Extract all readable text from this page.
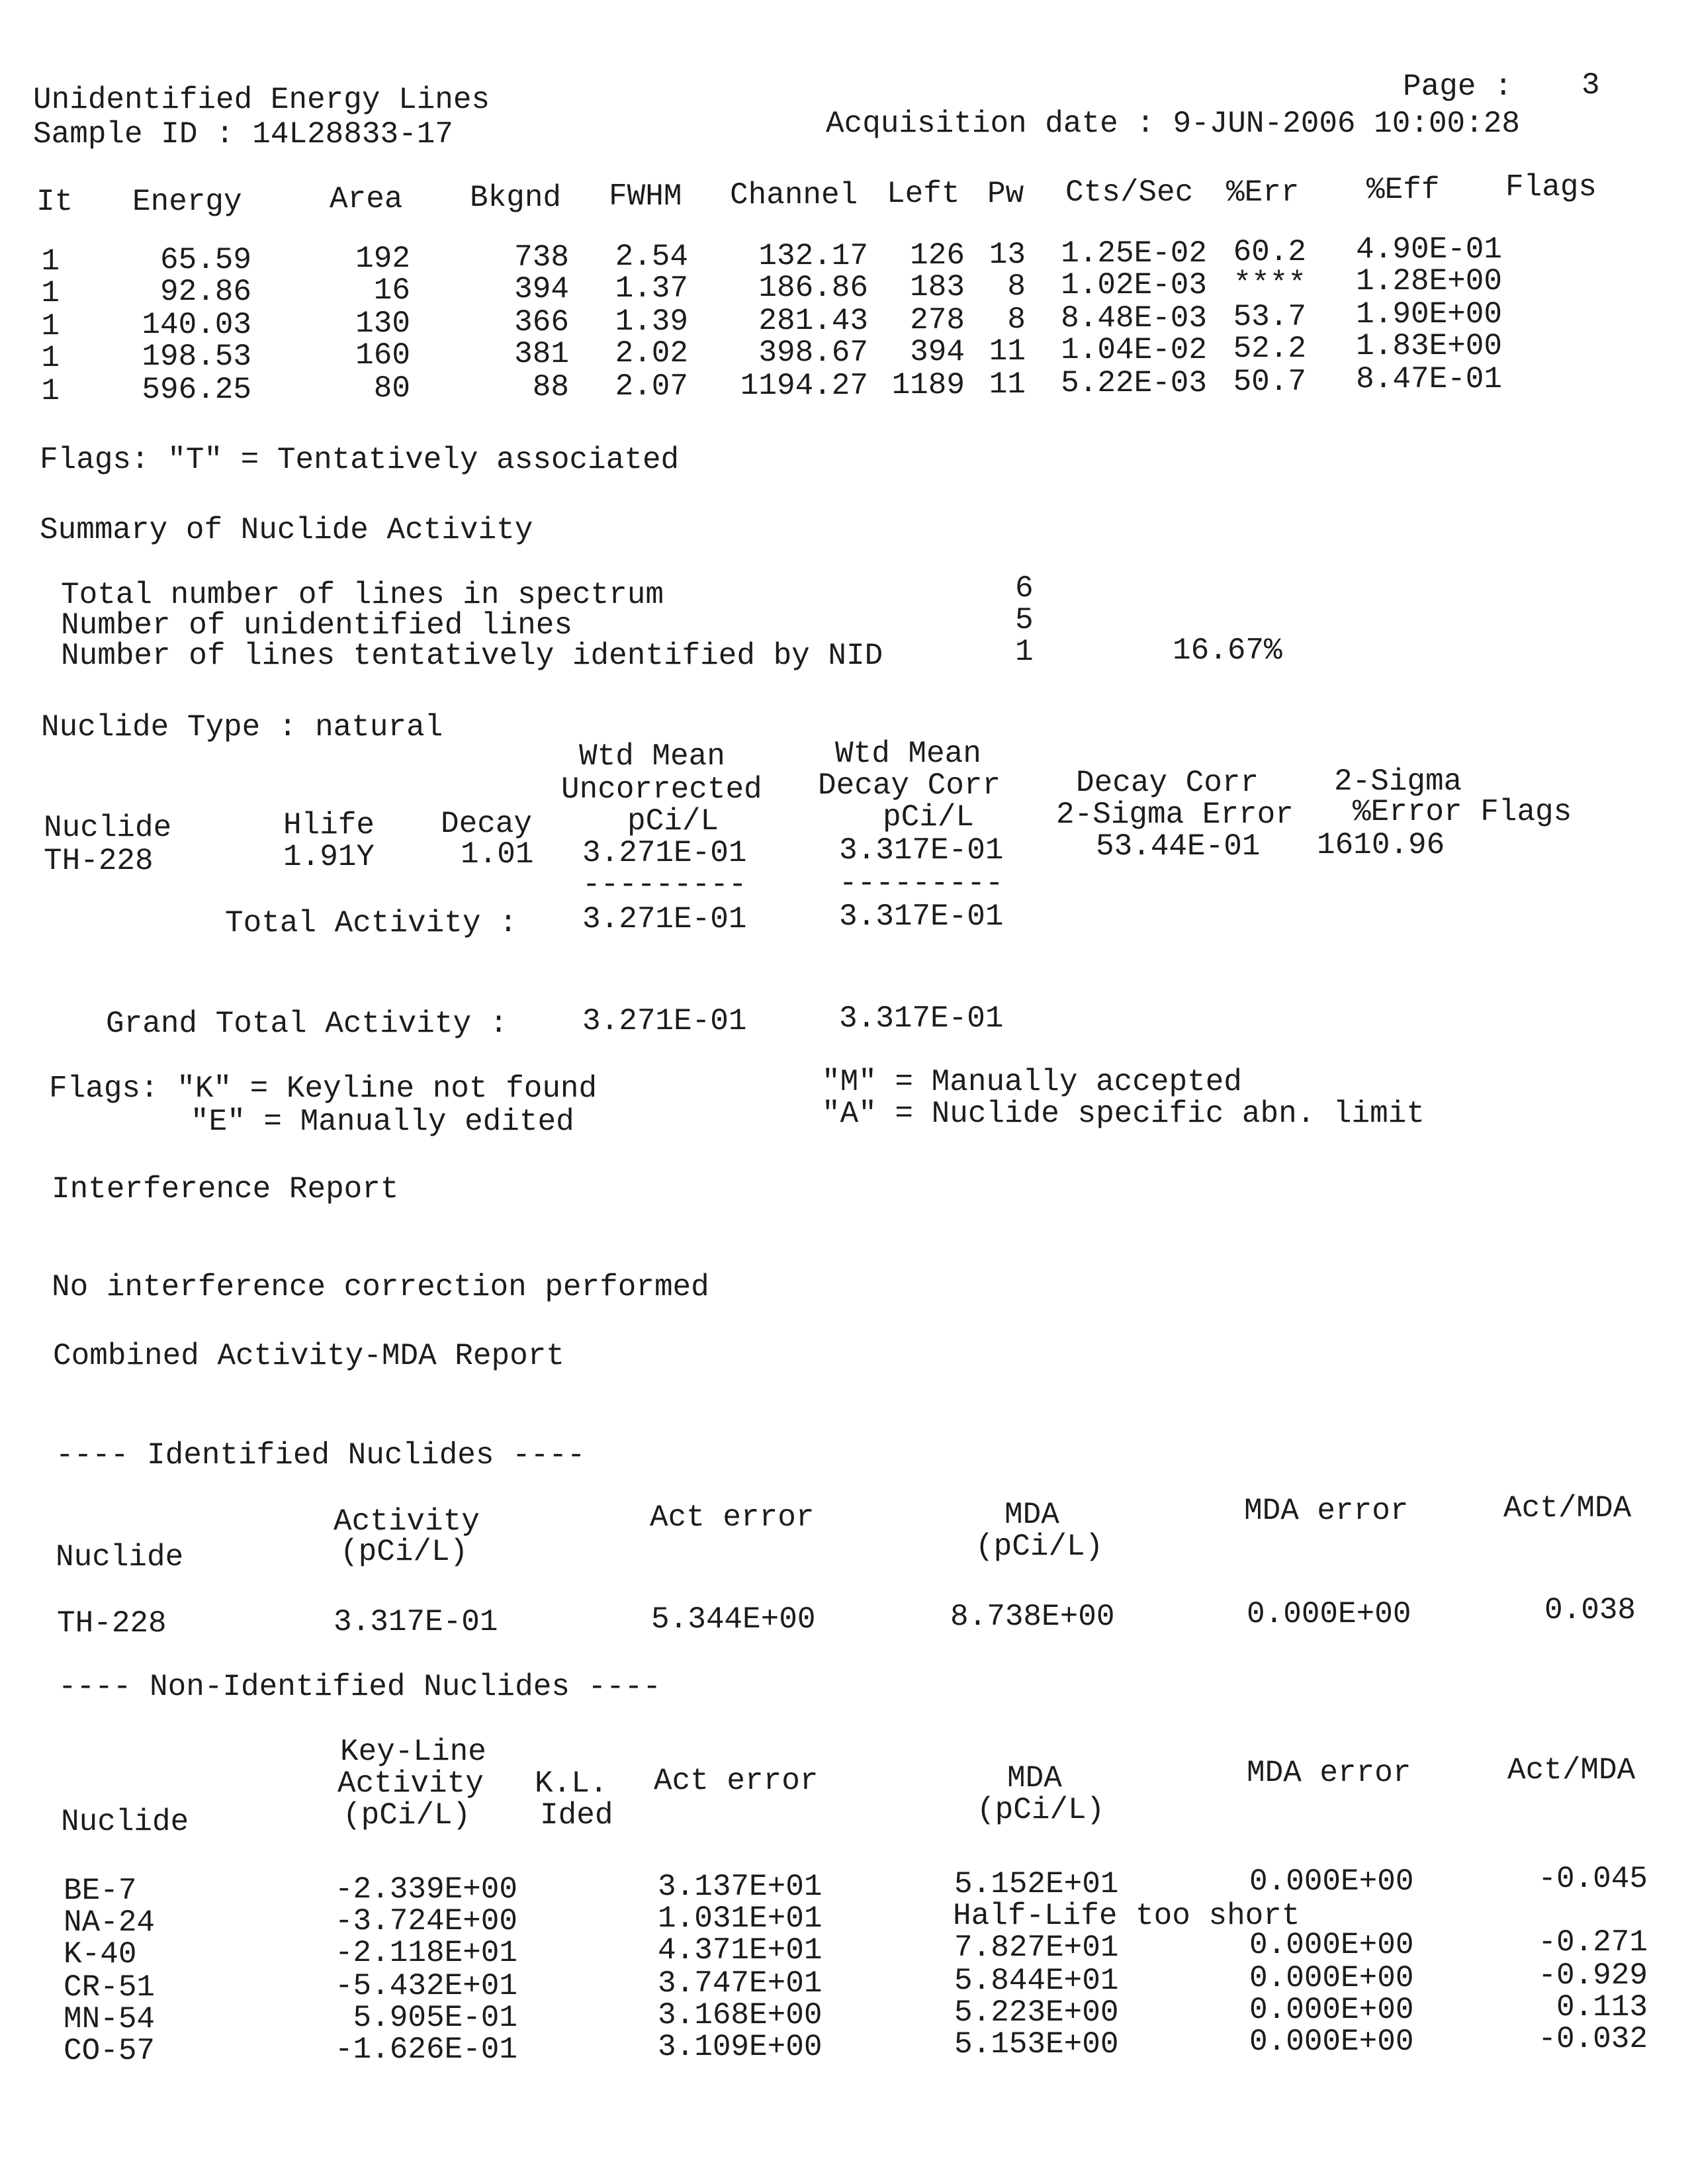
Unidentified Energy Lines
Sample ID : 14L28833-17
Page : 3
Acquisition date : 9-JUN-2006 10:00:28
It Energy	Area Bkgnd FWHM Channel Left Pw Cts/Sec %Err %Eff Flags
1	65.59	192	738 2.54 132.17 126 13 1.25E-02 60.2 4.90E-01
1	92.86	16	394 1.37 186.86 183 8 1.02E-03 **** 1.28E+00
1	140.03	130	366 1.39 281.43 278 8 8.48E-03 53.7 1.90E+00
1	198.53	160	381 2.02 398.67 394 11 1.04E-02 52.2 1.83E+00
1	596.25	80	88 2.07 1194.27 1189 11 5.22E-03 50.7 8.47E-01
Flags: "T" = Tentatively associated
Summary of Nuclide Activity
Total number of lines in spectrum	6
Number of unidentified lines	5
Number of lines tentatively identified by NID	1	16.67%
Nuclide Type : natural
Wtd Mean
Uncorrected
pCi/L
Wtd Mean
Decay Corr
pCi/L
Decay Corr
2-Sigma Error
2-Sigma
%Error Flags
Nuclide	Hlife Decay
TH-228	1.91Y	1.01 3.271E-01	3.317E-01	53.44E-01 1610.96
---------	---------
Total Activity : 3.271E-01	3.317E-01
Grand Total Activity : 3.271E-01	3.317E-01
Flags: "K" = Keyline not found
"E" = Manually edited
"M" = Manually accepted
"A" = Nuclide specific abn. limit
Interference Report
No interference correction performed
Combined Activity-MDA Report
---- Identified Nuclides ----
Activity
(pCi/L)
Act error	MDA
(pCi/L)
MDA error	Act/MDA
Nuclide
TH-228	3.317E-01	5.344E+00	8.738E+00	0.000E+00	0.038
---- Non-Identified Nuclides ----
Key-Line
Activity
(pCi/L)
K.L.
Ided
Act error	MDA
(pCi/L)
MDA error	Act/MDA
Nuclide
BE-7	-2.339E+00	3.137E+01	5.152E+01	0.000E+00	-0.045
NA-24	-3.724E+00	1.031E+01	Half-Life too short
K-40	-2.118E+01	4.371E+01	7.827E+01	0.000E+00	-0.271
CR-51	-5.432E+01	3.747E+01	5.844E+01	0.000E+00	-0.929
MN-54	5.905E-01	3.168E+00	5.223E+00	0.000E+00	0.113
CO-57	-1.626E-01	3.109E+00	5.153E+00	0.000E+00	-0.032
